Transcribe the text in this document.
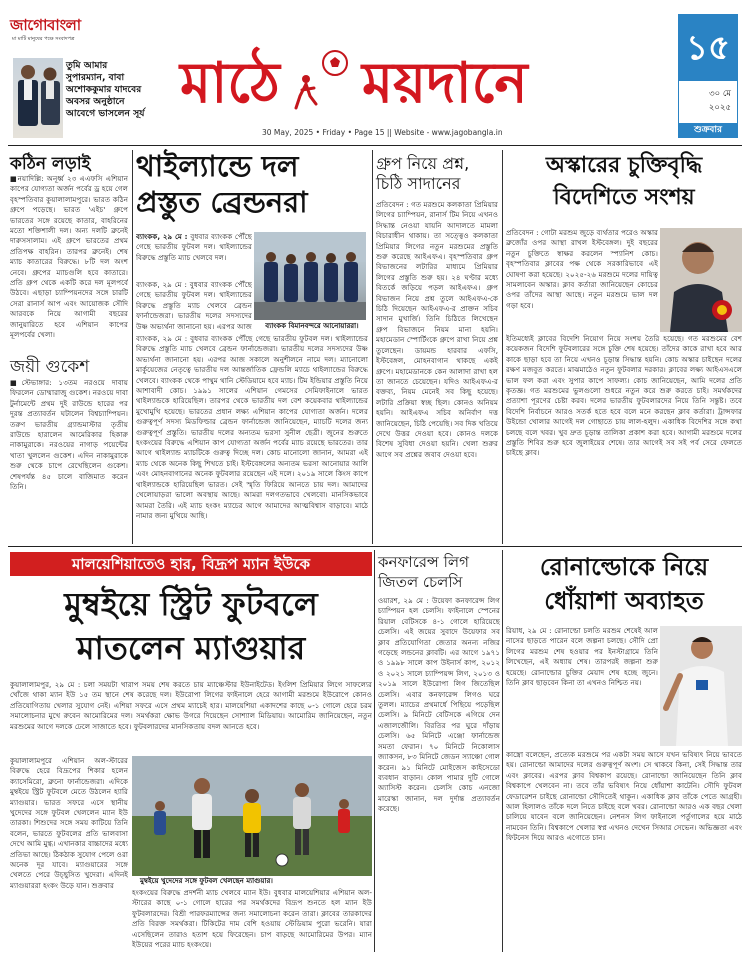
জাগোবাংলা
মা মাটি মানুষের পক্ষে সংবাদপত্র
তুমি আমার সুপারম্যান, বাবা অশোককুমার যাদবের অবসর অনুষ্ঠানে আবেগে ভাসলেন সূর্য মাঠে ময়দানে
30 May, 2025 • Friday • Page 15 || Website - www.jagobangla.in
১৫
৩০ মে
২০২৫
শুক্রবার
কঠিন লড়াই
■নয়াদিল্লি: অনূর্ধ্ব ২৩ এএফসি এশিয়ান কাপের যোগ্যতা অর্জন পর্বের ড্র হয়ে গেল বৃহস্পতিবার কুয়ালালামপুরে। ভারত কঠিন গ্রুপে পড়েছে। ভারত 'এইচ' গ্রুপে ভারতের সঙ্গে রয়েছে কাতার, বাহরিনের মতো শক্তিশালী দল। অন্য দলটি ব্রুনেই দারুসসালাম। এই গ্রুপে ভারতের প্রথম প্রতিপক্ষ বাহরিন। তারপর ব্রুনেই। শেষ ম্যাচ কাতারের বিরুদ্ধে। ৮টি দল অংশ নেবে। গ্রুপের ম্যাচগুলি হবে কাতারে। প্রতি গ্রুপ থেকে একটি করে দল মূলপর্বে উঠবে। এছাড়া চ্যাম্পিয়নদের সঙ্গে চারটি সেরা রানার্স আপ এবং আয়োজক সৌদি আরবকে নিয়ে আগামী বছরের জানুয়ারিতে হবে এশিয়ান কাপের মূলপর্বের খেলা।
জয়ী গুকেশ
■স্টেভাঙ্গার: ১৩তম নরওয়ে দাবায় ফিরলেন ডোম্মারাজু গুকেশ। নরওয়ে দাবা টুর্নামেন্টে প্রথম দুই রাউন্ডে হারের পর দুরন্ত প্রত্যাবর্তন ঘটালেন বিশ্বচ্যাম্পিয়ন। তরুণ ভারতীয় গ্র্যান্ডমাস্টার তৃতীয় রাউন্ডে হারালেন আমেরিকার হিকারু নাকামুরাকে। নরওয়ের নাগাড় পয়েন্টের খাতা খুললেন গুকেশ। এদিন নাকামুরাকে শুরু থেকে চাপে রেখেছিলেন গুকেশ। শেষপর্যন্ত ৪৫ চালে বাজিমাত করেন তিনি।
থাইল্যান্ডে দল
প্রস্তুত ব্রেন্ডনরা
ব্যাংকক, ২৯ মে : বুধবার ব্যাংকক পৌঁছে গেছে ভারতীয় ফুটবল দল। থাইল্যান্ডের বিরুদ্ধে প্রস্তুতি ম্যাচ খেলবে দল।
ব্যাংকক বিমানবন্দরে আনোয়াররা।
ব্যাংকক, ২৯ মে : বুধবার ব্যাংকক পৌঁছে গেছে ভারতীয় ফুটবল দল। থাইল্যান্ডের বিরুদ্ধে প্রস্তুতি ম্যাচ খেলবে ব্রেন্ডন ফার্নান্ডেজরা। ভারতীয় দলের সদস্যদের উষ্ণ অভ্যর্থনা জানানো হয়। এরপর আজ
ব্যাংকক, ২৯ মে : বুধবার ব্যাংকক পৌঁছে গেছে ভারতীয় ফুটবল দল। থাইল্যান্ডের বিরুদ্ধে প্রস্তুতি ম্যাচ খেলবে ব্রেন্ডন ফার্নান্ডেজরা। ভারতীয় দলের সদস্যদের উষ্ণ অভ্যর্থনা জানানো হয়। এরপর আজ সকালে অনুশীলনে নামে দল। ম্যানোলো মার্কুয়েজের নেতৃত্বে ভারতীয় দল আন্তর্জাতিক ফ্রেন্ডলি ম্যাচে থাইল্যান্ডের বিরুদ্ধে খেলবে। ব্যাংকক থেকে পাথুম থানি স্টেডিয়ামে হবে ম্যাচ। টিম ইন্ডিয়ার প্রস্তুতি নিয়ে আশাবাদী কোচ। ১৯৯১ সালের এশিয়ান গেমসের সেমিফাইনালে ভারত থাইল্যান্ডকে হারিয়েছিল। তারপর থেকে ভারতীয় দল বেশ কয়েকবার থাইল্যান্ডের মুখোমুখি হয়েছে। ভারতের প্রধান লক্ষ্য এশিয়ান কাপের যোগ্যতা অর্জন। দলের গুরুত্বপূর্ণ সদস্য মিডফিল্ডার ব্রেন্ডন ফার্নান্ডেজ জানিয়েছেন, ম্যাচটি দলের জন্য গুরুত্বপূর্ণ প্রস্তুতি। ভারতীয় দলের অন্যতম ভরসা সুনীল ছেত্রী। জুনের শুরুতে হংকংয়ের বিরুদ্ধে এশিয়ান কাপ যোগ্যতা অর্জন পর্বের ম্যাচ রয়েছে ভারতের। তার আগে থাইল্যান্ড ম্যাচটিকে গুরুত্ব দিচ্ছে দল। কোচ মানোলো জানান, আমরা এই ম্যাচ থেকে অনেক কিছু শিখতে চাই। ইস্টবেঙ্গলের অন্যতম ভরসা আনোয়ার আলি এবং মোহনবাগানের অনেক ফুটবলার রয়েছেন এই দলে। ২০১৯ সালে কিংস কাপে থাইল্যান্ডকে হারিয়েছিল ভারত। সেই স্মৃতি ফিরিয়ে আনতে চায় দল। আমাদের খেলোয়াড়রা ভালো অবস্থায় আছে। আমরা দলগতভাবে খেলবো। মানসিকভাবে আমরা তৈরি। এই ম্যাচ হংকং ম্যাচের আগে আমাদের আত্মবিশ্বাস বাড়াবে। মাঠে নামার জন্য মুখিয়ে আছি।
গ্রুপ নিয়ে প্রশ্ন,
চিঠি সাদানের
প্রতিবেদন : গত মরশুমে কলকাতা প্রিমিয়ার লিগের চ্যাম্পিয়ন, রানার্স টিম নিয়ে এখনও সিদ্ধান্ত নেওয়া যায়নি আদালতে মামলা বিচারাধীন থাকায়। তা সত্ত্বেও কলকাতা প্রিমিয়ার লিগের নতুন মরশুমের প্রস্তুতি শুরু করেছে আইএফএ। বৃহস্পতিবার গ্রুপ বিভাজনের লটারির মাধ্যমে প্রিমিয়ার লিগের প্রস্তুতি শুরু হয়। ২৪ ঘণ্টার মধ্যে বিতর্কে জড়িয়ে পড়ল আইএফএ। গ্রুপ বিভাজন নিয়ে প্রশ্ন তুলে আইএফএ-কে চিঠি দিয়েছেন আইএফএ-র প্রাক্তন সচিব সাদান মুখার্জি। তিনি চিঠিতে লিখেছেন গ্রুপ বিভাজনে নিয়ম মানা হয়নি। মহামেডান স্পোর্টিংকে গ্রুপে রাখা নিয়ে প্রশ্ন তুলেছেন। ডায়মন্ড হারবার এফসি, ইস্টবেঙ্গল, মোহনবাগান থাকছে একই গ্রুপে। মহামেডানকে কেন আলাদা রাখা হল তা জানতে চেয়েছেন। যদিও আইএফএ-র বক্তব্য, নিয়ম মেনেই সব কিছু হয়েছে। লটারি প্রক্রিয়া স্বচ্ছ ছিল। কোনও অনিয়ম হয়নি। আইএফএ সচিব অনির্বাণ দত্ত জানিয়েছেন, চিঠি পেয়েছি। সব দিক খতিয়ে দেখে উত্তর দেওয়া হবে। কোনও দলকে বিশেষ সুবিধা দেওয়া হয়নি। খেলা শুরুর আগে সব প্রশ্নের জবাব দেওয়া হবে।
অস্কারের চুক্তিবৃদ্ধি
বিদেশিতে সংশয়
প্রতিবেদন : গোটা মরশুম জুড়ে ব্যর্থতার পরেও অস্কার ব্রুজোঁর ওপর আস্থা রাখল ইস্টবেঙ্গল। দুই বছরের নতুন চুক্তিতে স্বাক্ষর করলেন স্প্যানিশ কোচ। বৃহস্পতিবার ক্লাবের পক্ষ থেকে সরকারিভাবে এই ঘোষণা করা হয়েছে। ২০২৫-২৬ মরশুমে দলের দায়িত্ব সামলাবেন অস্কার। ক্লাব কর্তারা জানিয়েছেন কোচের ওপর তাঁদের আস্থা আছে। নতুন মরশুমে ভাল দল গড়া হবে।
ইতিমধ্যেই ক্লাবের বিদেশি নিয়োগ নিয়ে সংশয় তৈরি হয়েছে। গত মরশুমের বেশ কয়েকজন বিদেশি ফুটবলারের সঙ্গে চুক্তি শেষ হয়েছে। তাঁদের কাকে রাখা হবে আর কাকে ছাড়া হবে তা নিয়ে এখনও চূড়ান্ত সিদ্ধান্ত হয়নি। কোচ অস্কার চাইছেন দলের রক্ষণ মজবুত করতে। মাঝমাঠেও নতুন ফুটবলার দরকার। ক্লাবের লক্ষ্য আইএসএলে ভাল ফল করা এবং সুপার কাপে সাফল্য। কোচ জানিয়েছেন, আমি দলের প্রতি কৃতজ্ঞ। গত মরশুমের ভুলগুলো শুধরে নতুন করে শুরু করতে চাই। সমর্থকদের প্রত্যাশা পূরণের চেষ্টা করব। দলের ভারতীয় ফুটবলারদের নিয়ে তিনি সন্তুষ্ট। তবে বিদেশি নির্বাচনে আরও সতর্ক হতে হবে বলে মনে করছেন ক্লাব কর্তারা। ট্রান্সফার উইন্ডো খোলার আগেই দল গোছাতে চায় লাল-হলুদ। একাধিক বিদেশির সঙ্গে কথা চলছে বলে খবর। খুব দ্রুত চূড়ান্ত তালিকা প্রকাশ করা হবে। আগামী মরশুমে দলের প্রস্তুতি শিবির শুরু হবে জুলাইয়ের শেষে। তার আগেই সব সই পর্ব সেরে ফেলতে চাইছে ক্লাব।
মালয়েশিয়াতেও হার, বিদ্রূপ ম্যান ইউকে
মুম্বইয়ে স্ট্রিট ফুটবলে
মাতলেন ম্যাগুয়ার
কুয়ালালামপুর, ২৯ মে : চলা সময়টা খারাপ সময় শেষ করতে চায় ম্যাঞ্চেস্টার ইউনাইটেড। ইংলিশ প্রিমিয়ার লিগে সাফল্যের খোঁজে থাকা ম্যান ইউ ১৫ তম স্থানে শেষ করেছে দল। ইউরোপা লিগের ফাইনালে হেরে আগামী মরশুমে ইউরোপে কোনও প্রতিযোগিতায় খেলার সুযোগ নেই। এশিয়া সফরে এসে প্রথম ম্যাচেই হার। মালয়েশিয়া একাদশের কাছে ০-১ গোলে হেরে চরম সমালোচনার মুখে রুবেন আমোরিমের দল। সমর্থকরা ক্ষোভ উগরে দিয়েছেন সোশ্যাল মিডিয়ায়। আমোরিম জানিয়েছেন, নতুন মরশুমের আগে দলকে ঢেলে সাজাতে হবে। ফুটবলারদের মানসিকতায় বদল আনতে হবে।
কুয়ালালামপুরে এশিয়ান অল-স্টারের বিরুদ্ধে হেরে বিদ্রূপের শিকার হলেন ক্যাসেমিরো, ব্রুনো ফার্নান্ডেজরা। এদিকে মুম্বইয়ে স্ট্রিট ফুটবলে মেতে উঠলেন হ্যারি ম্যাগুয়ার। ভারত সফরে এসে স্থানীয় খুদেদের সঙ্গে ফুটবল খেললেন ম্যান ইউ তারকা। শিশুদের সঙ্গে সময় কাটিয়ে তিনি বলেন, ভারতে ফুটবলের প্রতি ভালবাসা দেখে আমি মুগ্ধ। এখানকার বাচ্চাদের মধ্যে প্রতিভা আছে। ঠিকঠাক সুযোগ পেলে ওরা অনেক দূর যাবে। ম্যাগুয়ারের সঙ্গে খেলতে পেরে উচ্ছ্বসিত খুদেরা। এদিনই ম্যাগুয়াররা হংকং উড়ে যান। শুক্রবার	মুম্বইয়ে খুদেদের সঙ্গে ফুটবল খেলছেন ম্যাগুয়ার।
হংকংয়ের বিরুদ্ধে প্রদর্শনী ম্যাচ খেলবে ম্যান ইউ। বুধবার মালয়েশিয়ার এশিয়ান অল-স্টারের কাছে ০-১ গোলে হারের পর সমর্থকদের বিদ্রূপ শুনতে হল ম্যান ইউ ফুটবলারদের। বিশ্রী পারফরম্যান্সের জন্য সমালোচনা করেন তারা। ক্লাবের তারকাদের প্রতি বিরক্ত সমর্থকরা। টিকিটের দাম বেশি হওয়ায় স্টেডিয়াম পুরো ভরেনি। যারা এসেছিলেন তারাও হতাশ হয়ে ফিরেছেন। চাপ বাড়ছে আমোরিমের উপর। ম্যান ইউয়ের পরের ম্যাচ হংকংয়ে।
কনফারেন্স লিগ
জিতল চেলসি
ওয়ারশ, ২৯ মে : উয়েফা কনফারেন্স লিগ চ্যাম্পিয়ন হল চেলসি। ফাইনালে স্পেনের রিয়াল বেটিসকে ৪-১ গোলে হারিয়েছে চেলসি। এই জয়ের সুবাদে উয়েফার সব ক্লাব প্রতিযোগিতা জেতার অনন্য নজির গড়েছে লন্ডনের ক্লাবটি। এর আগে ১৯৭১ ও ১৯৯৮ সালে কাপ উইনার্স কাপ, ২০১২ ও ২০২১ সালে চ্যাম্পিয়ন্স লিগ, ২০১৩ ও ২০১৯ সালে ইউরোপা লিগ জিতেছিল চেলসি। এবার কনফারেন্স লিগও ঘরে তুলল। ম্যাচের প্রথমার্ধে পিছিয়ে পড়েছিল চেলসি। ৯ মিনিটে বেটিসকে এগিয়ে দেন এজালজৌলি। বিরতির পর ঘুরে দাঁড়ায় চেলসি। ৬৫ মিনিটে এঞ্জো ফার্নান্ডেজ সমতা ফেরান। ৭০ মিনিটে নিকোলাস জ্যাকসন, ৮৩ মিনিটে জেডন স্যাঞ্চো গোল করেন। ৯১ মিনিটে মোইজেস কাইসেডো ব্যবধান বাড়ান। কোল পামার দুটি গোলে অ্যাসিস্ট করেন। চেলসি কোচ এনজো মারেস্কা জানান, দল দুর্দান্ত প্রত্যাবর্তন করেছে।
রোনাল্ডোকে নিয়ে
ধোঁয়াশা অব্যাহত
রিয়াধ, ২৯ মে : রোনাল্ডো চলতি মরশুম শেষেই আল নাসের ছাড়তে পারেন বলে জল্পনা চলছে। সৌদি প্রো লিগের মরশুম শেষ হওয়ার পর ইনস্টাগ্রামে তিনি লিখেছেন, এই অধ্যায় শেষ। তারপরই জল্পনা শুরু হয়েছে। রোনাল্ডোর চুক্তির মেয়াদ শেষ হচ্ছে জুনে। তিনি ক্লাব ছাড়বেন কিনা তা এখনও নিশ্চিত নয়।
কাস্ত্রো বলেছেন, প্রত্যেক মরশুমে পর একটা সময় আসে যখন ভবিষ্যৎ নিয়ে ভাবতে হয়। রোনাল্ডো আমাদের দলের গুরুত্বপূর্ণ অংশ। সে থাকবে কিনা, সেই সিদ্ধান্ত তার এবং ক্লাবের। এরপর ক্লাব বিশ্বকাপ রয়েছে। রোনাল্ডো জানিয়েছেন তিনি ক্লাব বিশ্বকাপে খেলবেন না। তবে তাঁর ভবিষ্যৎ নিয়ে ধোঁয়াশা কাটেনি। সৌদি ফুটবল ফেডারেশন চাইছে রোনাল্ডো সৌদিতেই থাকুন। একাধিক ক্লাব তাঁকে পেতে আগ্রহী। আল হিলালও তাঁকে দলে নিতে চাইছে বলে খবর। রোনাল্ডো আরও এক বছর খেলা চালিয়ে যাবেন বলে জানিয়েছেন। নেশনস লিগ ফাইনালে পর্তুগালের হয়ে মাঠে নামবেন তিনি। বিশ্বকাপে খেলার স্বপ্ন এখনও দেখেন সিআর সেভেন। অভিজ্ঞতা এবং ফিটনেস দিয়ে আরও এগোতে চান।
